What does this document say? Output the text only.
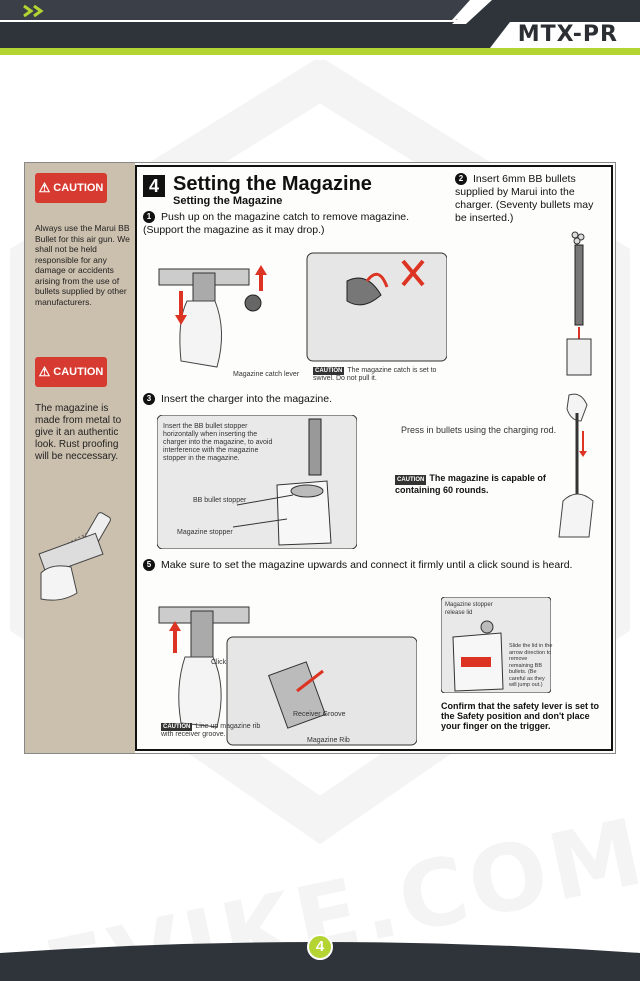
MTX-PR
⚠ CAUTION
Always use the Marui BB Bullet for this air gun. We shall not be held responsible for any damage or accidents arising from the use of bullets supplied by other manufacturers.
⚠ CAUTION
The magazine is made from metal to give it an authentic look. Rust proofing will be neccessary.
4 Setting the Magazine
Setting the Magazine
1 Push up on the magazine catch to remove magazine. (Support the magazine as it may drop.)
2 Insert 6mm BB bullets supplied by Marui into the charger. (Seventy bullets may be inserted.)
Magazine catch lever	CAUTION The magazine catch is set to swivel. Do not pull it.
3 Insert the charger into the magazine.
Insert the BB bullet stopper horizontally when inserting the charger into the magazine, to avoid interference with the magazine stopper in the magazine.
BB bullet stopper
Magazine stopper
Press in bullets using the charging rod.
CAUTION The magazine is capable of containing 60 rounds.
5 Make sure to set the magazine upwards and connect it firmly until a click sound is heard.
Click
Receiver Groove
Magazine Rib
CAUTION Line up magazine rib with receiver groove.
Magazine stopper release lid
Slide the lid in the arrow direction to remove remaining BB bullets. (Be careful as they will jump out.)
Confirm that the safety lever is set to the Safety position and don't place your finger on the trigger.
4
